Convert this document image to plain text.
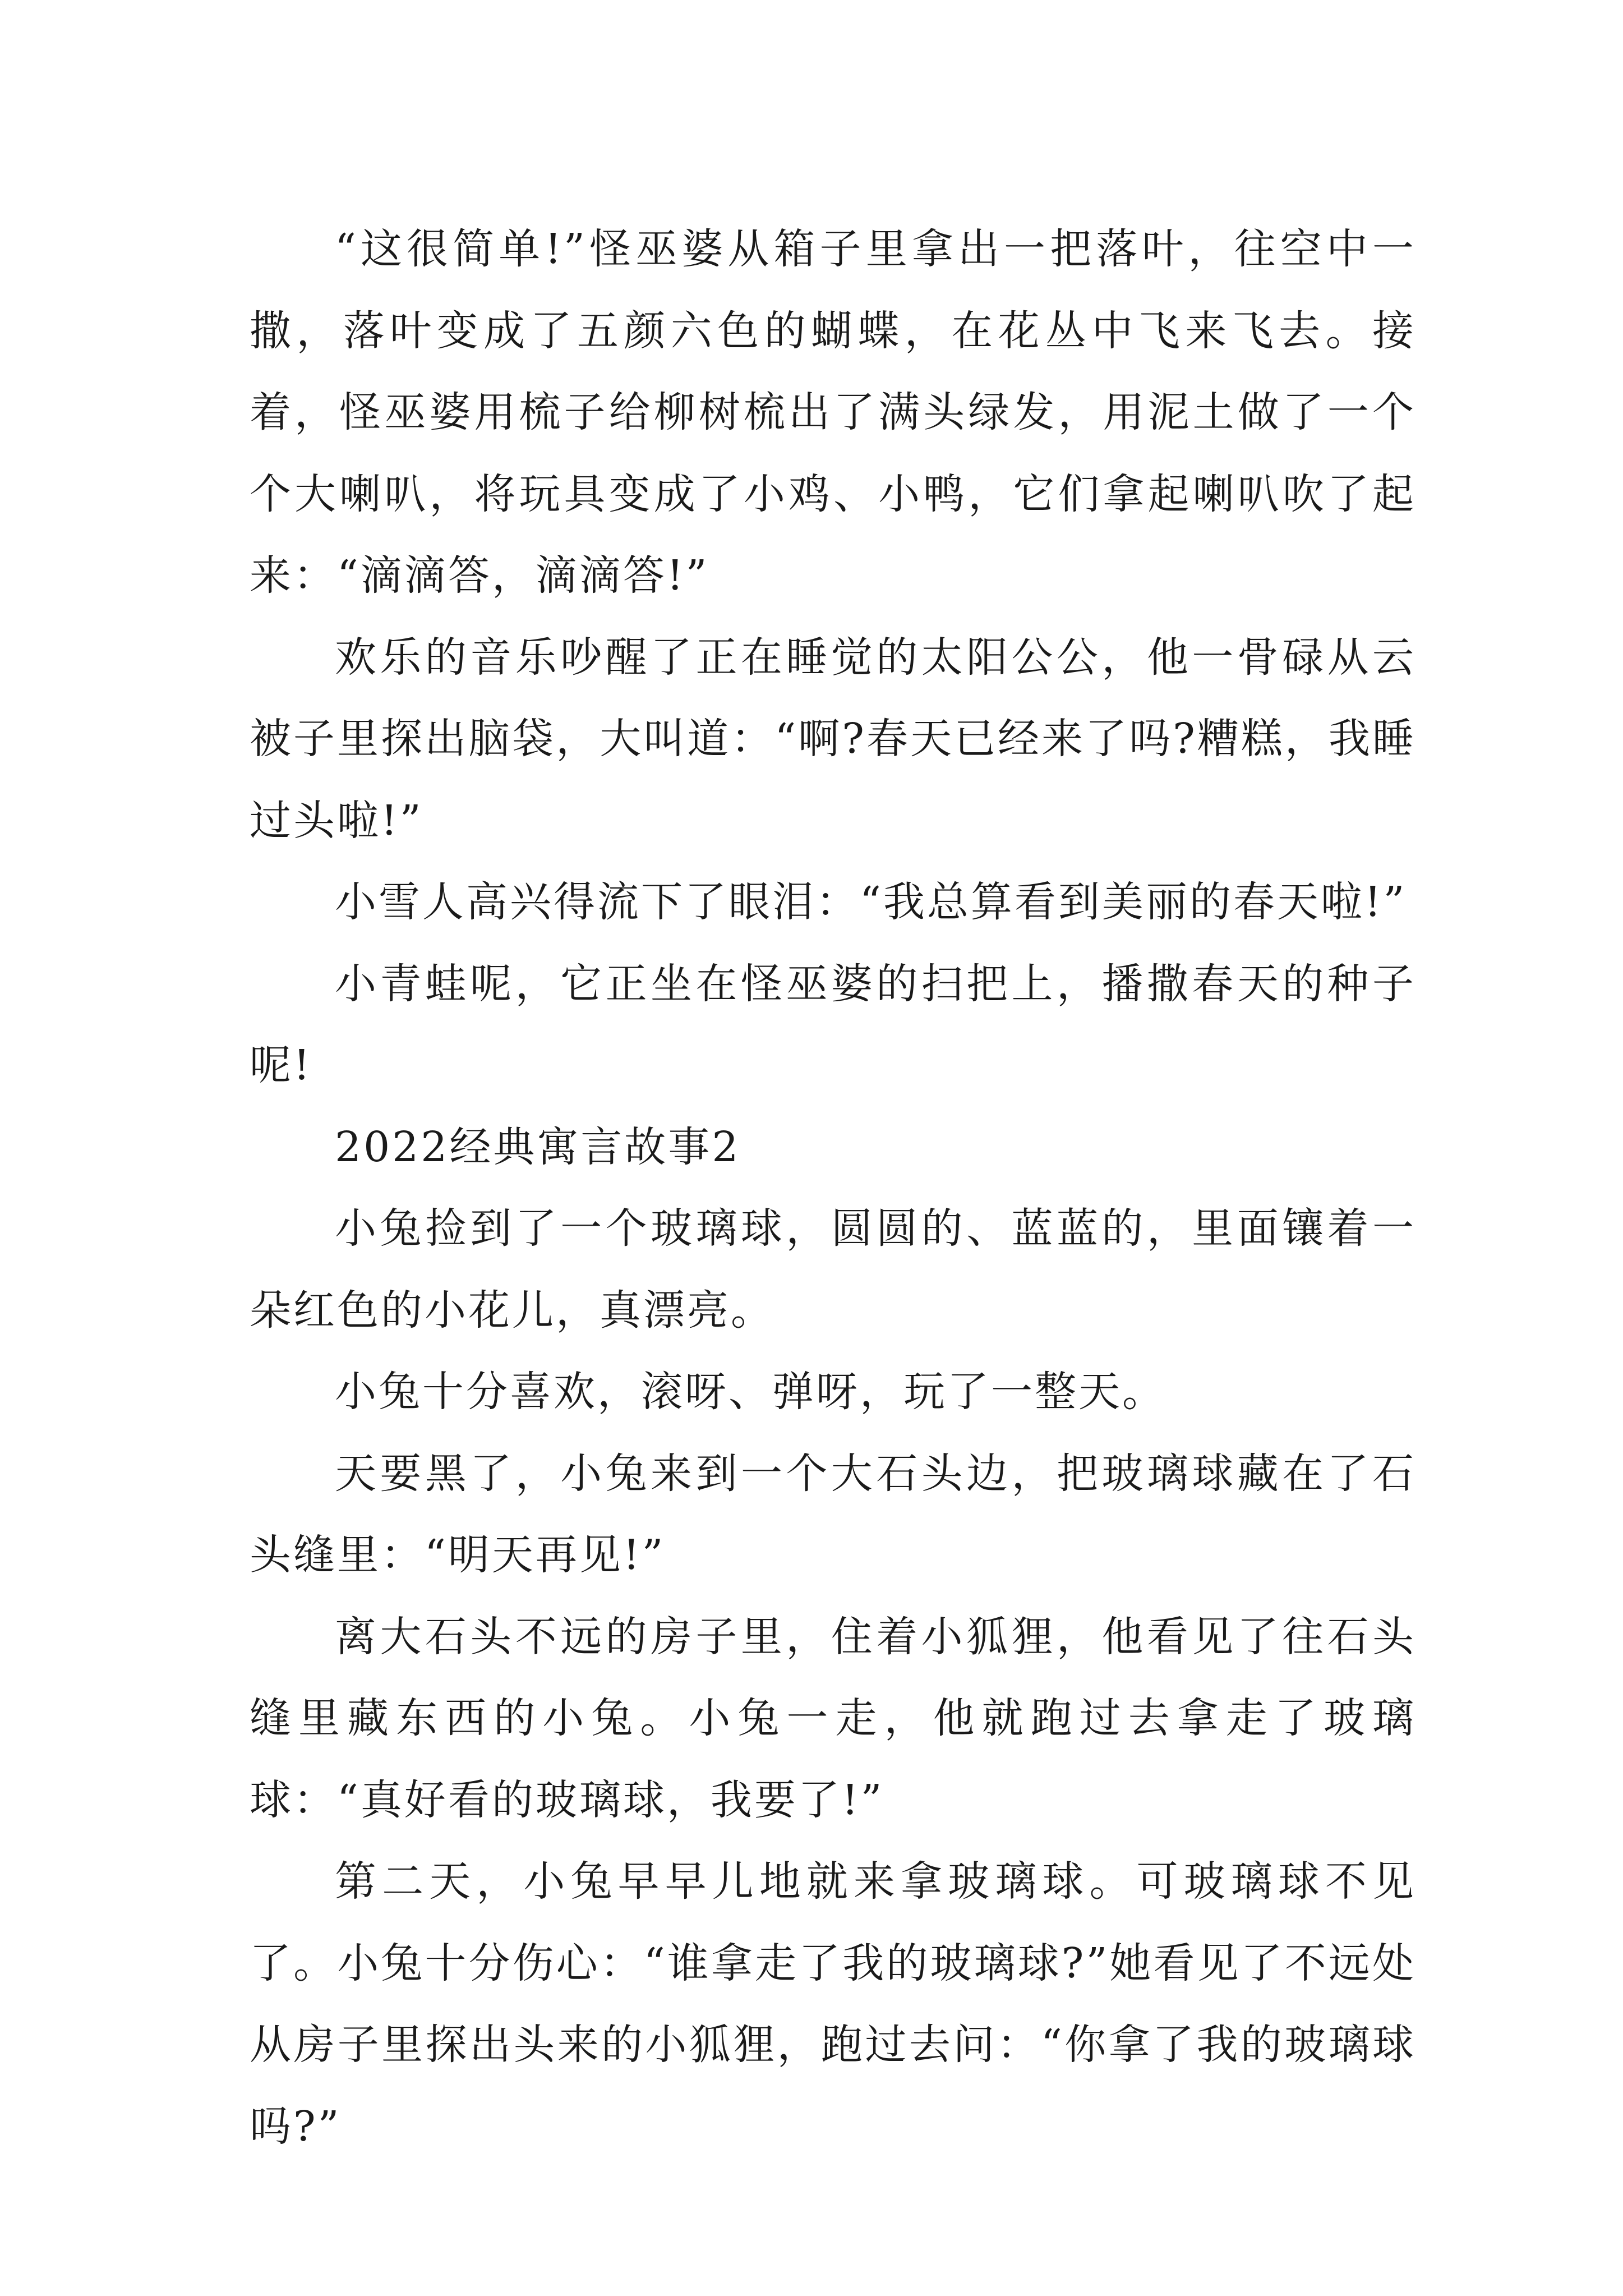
“这很简单!”怪巫婆从箱子里拿出一把落叶，往空中一撒，落叶变成了五颜六色的蝴蝶，在花丛中飞来飞去。接着，怪巫婆用梳子给柳树梳出了满头绿发，用泥土做了一个个大喇叭，将玩具变成了小鸡、小鸭，它们拿起喇叭吹了起来：“滴滴答，滴滴答!”

欢乐的音乐吵醒了正在睡觉的太阳公公，他一骨碌从云被子里探出脑袋，大叫道：“啊?春天已经来了吗?糟糕，我睡过头啦!”

小雪人高兴得流下了眼泪：“我总算看到美丽的春天啦!”

小青蛙呢，它正坐在怪巫婆的扫把上，播撒春天的种子呢!

2022经典寓言故事2

小兔捡到了一个玻璃球，圆圆的、蓝蓝的，里面镶着一朵红色的小花儿，真漂亮。

小兔十分喜欢，滚呀、弹呀，玩了一整天。

天要黑了，小兔来到一个大石头边，把玻璃球藏在了石头缝里：“明天再见!”

离大石头不远的房子里，住着小狐狸，他看见了往石头缝里藏东西的小兔。小兔一走，他就跑过去拿走了玻璃球：“真好看的玻璃球，我要了!”

第二天，小兔早早儿地就来拿玻璃球。可玻璃球不见了。小兔十分伤心：“谁拿走了我的玻璃球?”她看见了不远处从房子里探出头来的小狐狸，跑过去问：“你拿了我的玻璃球吗?”
